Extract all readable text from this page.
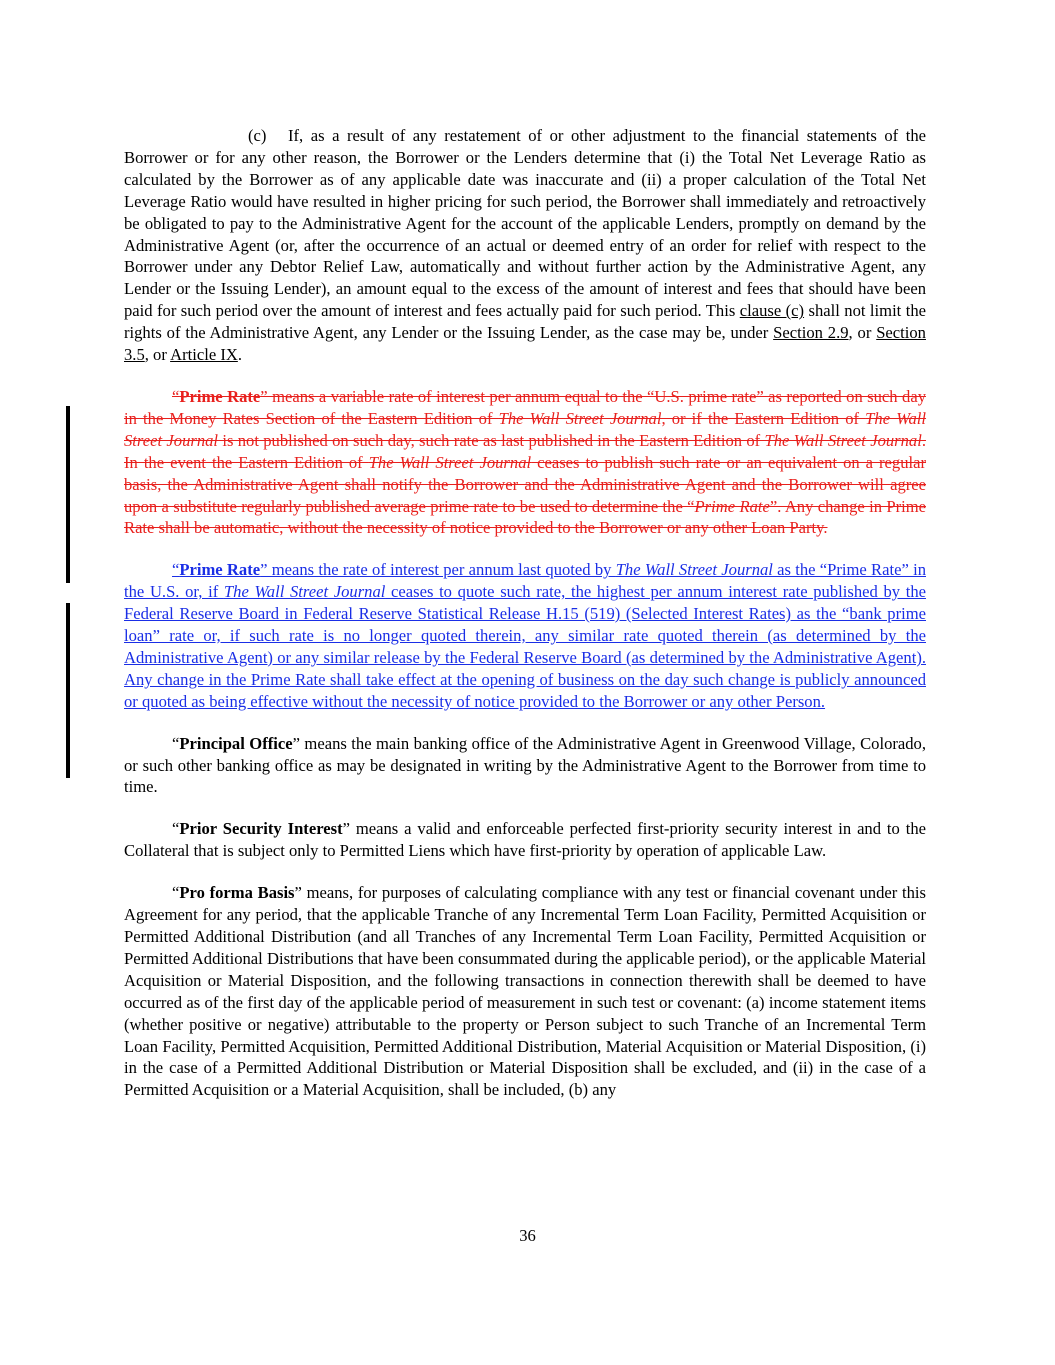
(c) If, as a result of any restatement of or other adjustment to the financial statements of the Borrower or for any other reason, the Borrower or the Lenders determine that (i) the Total Net Leverage Ratio as calculated by the Borrower as of any applicable date was inaccurate and (ii) a proper calculation of the Total Net Leverage Ratio would have resulted in higher pricing for such period, the Borrower shall immediately and retroactively be obligated to pay to the Administrative Agent for the account of the applicable Lenders, promptly on demand by the Administrative Agent (or, after the occurrence of an actual or deemed entry of an order for relief with respect to the Borrower under any Debtor Relief Law, automatically and without further action by the Administrative Agent, any Lender or the Issuing Lender), an amount equal to the excess of the amount of interest and fees that should have been paid for such period over the amount of interest and fees actually paid for such period. This clause (c) shall not limit the rights of the Administrative Agent, any Lender or the Issuing Lender, as the case may be, under Section 2.9, or Section 3.5, or Article IX.

“Prime Rate” means a variable rate of interest per annum equal to the “U.S. prime rate” as reported on such day in the Money Rates Section of the Eastern Edition of The Wall Street Journal, or if the Eastern Edition of The Wall Street Journal is not published on such day, such rate as last published in the Eastern Edition of The Wall Street Journal. In the event the Eastern Edition of The Wall Street Journal ceases to publish such rate or an equivalent on a regular basis, the Administrative Agent shall notify the Borrower and the Administrative Agent and the Borrower will agree upon a substitute regularly published average prime rate to be used to determine the “Prime Rate”. Any change in Prime Rate shall be automatic, without the necessity of notice provided to the Borrower or any other Loan Party.

“Prime Rate” means the rate of interest per annum last quoted by The Wall Street Journal as the “Prime Rate” in the U.S. or, if The Wall Street Journal ceases to quote such rate, the highest per annum interest rate published by the Federal Reserve Board in Federal Reserve Statistical Release H.15 (519) (Selected Interest Rates) as the “bank prime loan” rate or, if such rate is no longer quoted therein, any similar rate quoted therein (as determined by the Administrative Agent) or any similar release by the Federal Reserve Board (as determined by the Administrative Agent). Any change in the Prime Rate shall take effect at the opening of business on the day such change is publicly announced or quoted as being effective without the necessity of notice provided to the Borrower or any other Person.

“Principal Office” means the main banking office of the Administrative Agent in Greenwood Village, Colorado, or such other banking office as may be designated in writing by the Administrative Agent to the Borrower from time to time.

“Prior Security Interest” means a valid and enforceable perfected first-priority security interest in and to the Collateral that is subject only to Permitted Liens which have first-priority by operation of applicable Law.

“Pro forma Basis” means, for purposes of calculating compliance with any test or financial covenant under this Agreement for any period, that the applicable Tranche of any Incremental Term Loan Facility, Permitted Acquisition or Permitted Additional Distribution (and all Tranches of any Incremental Term Loan Facility, Permitted Acquisition or Permitted Additional Distributions that have been consummated during the applicable period), or the applicable Material Acquisition or Material Disposition, and the following transactions in connection therewith shall be deemed to have occurred as of the first day of the applicable period of measurement in such test or covenant: (a) income statement items (whether positive or negative) attributable to the property or Person subject to such Tranche of an Incremental Term Loan Facility, Permitted Acquisition, Permitted Additional Distribution, Material Acquisition or Material Disposition, (i) in the case of a Permitted Additional Distribution or Material Disposition shall be excluded, and (ii) in the case of a Permitted Acquisition or a Material Acquisition, shall be included, (b) any

36
